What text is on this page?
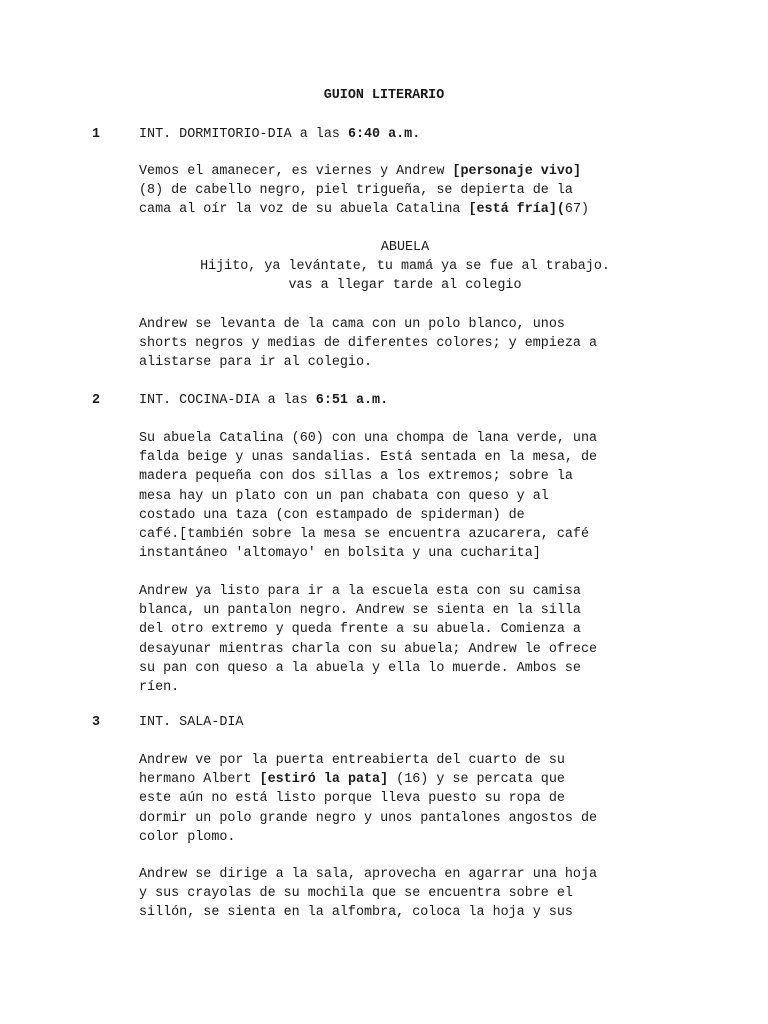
GUION LITERARIO
1	INT. DORMITORIO-DIA a las 6:40 a.m.
Vemos el amanecer, es viernes y Andrew [personaje vivo]
(8) de cabello negro, piel trigueña, se depierta de la
cama al oír la voz de su abuela Catalina [está fría](67)
ABUELA
Hijito, ya levántate, tu mamá ya se fue al trabajo.
vas a llegar tarde al colegio
Andrew se levanta de la cama con un polo blanco, unos
shorts negros y medias de diferentes colores; y empieza a
alistarse para ir al colegio.
2	INT. COCINA-DIA a las 6:51 a.m.
Su abuela Catalina (60) con una chompa de lana verde, una
falda beige y unas sandalias. Está sentada en la mesa, de
madera pequeña con dos sillas a los extremos; sobre la
mesa hay un plato con un pan chabata con queso y al
costado una taza (con estampado de spiderman) de
café.[también sobre la mesa se encuentra azucarera, café
instantáneo 'altomayo' en bolsita y una cucharita]
Andrew ya listo para ir a la escuela esta con su camisa
blanca, un pantalon negro. Andrew se sienta en la silla
del otro extremo y queda frente a su abuela. Comienza a
desayunar mientras charla con su abuela; Andrew le ofrece
su pan con queso a la abuela y ella lo muerde. Ambos se
ríen.
3	INT. SALA-DIA
Andrew ve por la puerta entreabierta del cuarto de su
hermano Albert [estiró la pata] (16) y se percata que
este aún no está listo porque lleva puesto su ropa de
dormir un polo grande negro y unos pantalones angostos de
color plomo.
Andrew se dirige a la sala, aprovecha en agarrar una hoja
y sus crayolas de su mochila que se encuentra sobre el
sillón, se sienta en la alfombra, coloca la hoja y sus
